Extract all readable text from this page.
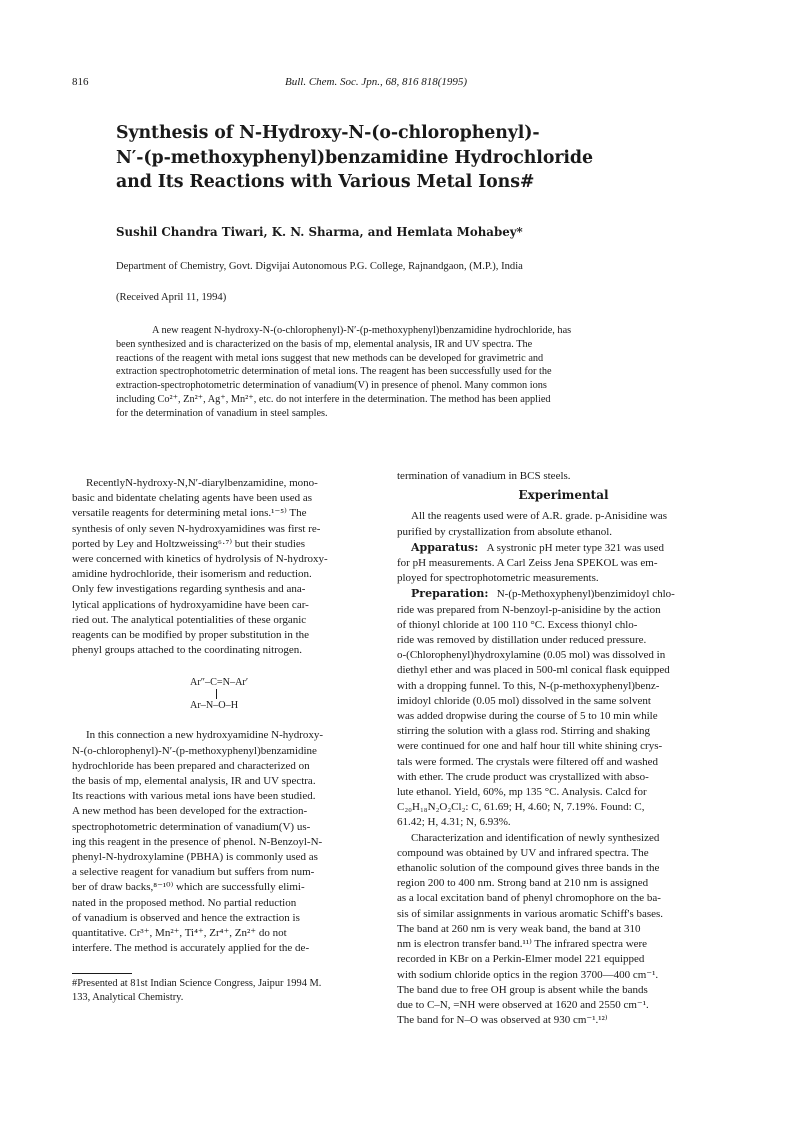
816	Bull. Chem. Soc. Jpn., 68, 816 818(1995)
Synthesis of N-Hydroxy-N-(o-chlorophenyl)-
N′-(p-methoxyphenyl)benzamidine Hydrochloride
and Its Reactions with Various Metal Ions#
Sushil Chandra Tiwari, K. N. Sharma, and Hemlata Mohabey*
Department of Chemistry, Govt. Digvijai Autonomous P.G. College, Rajnandgaon, (M.P.), India
(Received April 11, 1994)
A new reagent N-hydroxy-N-(o-chlorophenyl)-N′-(p-methoxyphenyl)benzamidine hydrochloride, has
been synthesized and is characterized on the basis of mp, elemental analysis, IR and UV spectra. The
reactions of the reagent with metal ions suggest that new methods can be developed for gravimetric and
extraction spectrophotometric determination of metal ions. The reagent has been successfully used for the
extraction-spectrophotometric determination of vanadium(V) in presence of phenol. Many common ions
including Co²⁺, Zn²⁺, Ag⁺, Mn²⁺, etc. do not interfere in the determination. The method has been applied
for the determination of vanadium in steel samples.
RecentlyN-hydroxy-N,N′-diarylbenzamidine, mono-
basic and bidentate chelating agents have been used as
versatile reagents for determining metal ions.¹⁻⁵⁾ The
synthesis of only seven N-hydroxyamidines was first re-
ported by Ley and Holtzweissing⁶·⁷⁾ but their studies
were concerned with kinetics of hydrolysis of N-hydroxy-
amidine hydrochloride, their isomerism and reduction.
Only few investigations regarding synthesis and ana-
lytical applications of hydroxyamidine have been car-
ried out. The analytical potentialities of these organic
reagents can be modified by proper substitution in the
phenyl groups attached to the coordinating nitrogen.
In this connection a new hydroxyamidine N-hydroxy-
N-(o-chlorophenyl)-N′-(p-methoxyphenyl)benzamidine
hydrochloride has been prepared and characterized on
the basis of mp, elemental analysis, IR and UV spectra.
Its reactions with various metal ions have been studied.
A new method has been developed for the extraction-
spectrophotometric determination of vanadium(V) us-
ing this reagent in the presence of phenol. N-Benzoyl-N-
phenyl-N-hydroxylamine (PBHA) is commonly used as
a selective reagent for vanadium but suffers from num-
ber of draw backs,⁸⁻¹⁰⁾ which are successfully elimi-
nated in the proposed method. No partial reduction
of vanadium is observed and hence the extraction is
quantitative. Cr³⁺, Mn²⁺, Ti⁴⁺, Zr⁴⁺, Zn²⁺ do not
interfere. The method is accurately applied for the de-
Ar″–C=N–Ar′
Ar–N–O–H
#Presented at 81st Indian Science Congress, Jaipur 1994 M.
133, Analytical Chemistry.
termination of vanadium in BCS steels.
Experimental
All the reagents used were of A.R. grade. p-Anisidine was
purified by crystallization from absolute ethanol.
Apparatus: A systronic pH meter type 321 was used
for pH measurements. A Carl Zeiss Jena SPEKOL was em-
ployed for spectrophotometric measurements.
Preparation: N-(p-Methoxyphenyl)benzimidoyl chlo-
ride was prepared from N-benzoyl-p-anisidine by the action
of thionyl chloride at 100 110 °C. Excess thionyl chlo-
ride was removed by distillation under reduced pressure.
o-(Chlorophenyl)hydroxylamine (0.05 mol) was dissolved in
diethyl ether and was placed in 500-ml conical flask equipped
with a dropping funnel. To this, N-(p-methoxyphenyl)benz-
imidoyl chloride (0.05 mol) dissolved in the same solvent
was added dropwise during the course of 5 to 10 min while
stirring the solution with a glass rod. Stirring and shaking
were continued for one and half hour till white shining crys-
tals were formed. The crystals were filtered off and washed
with ether. The crude product was crystallized with abso-
lute ethanol. Yield, 60%, mp 135 °C. Analysis. Calcd for
C₂₀H₁₈N₂O₂Cl₂: C, 61.69; H, 4.60; N, 7.19%. Found: C,
61.42; H, 4.31; N, 6.93%.
Characterization and identification of newly synthesized
compound was obtained by UV and infrared spectra. The
ethanolic solution of the compound gives three bands in the
region 200 to 400 nm. Strong band at 210 nm is assigned
as a local excitation band of phenyl chromophore on the ba-
sis of similar assignments in various aromatic Schiff's bases.
The band at 260 nm is very weak band, the band at 310
nm is electron transfer band.¹¹⁾ The infrared spectra were
recorded in KBr on a Perkin-Elmer model 221 equipped
with sodium chloride optics in the region 3700—400 cm⁻¹.
The band due to free OH group is absent while the bands
due to C–N, =NH were observed at 1620 and 2550 cm⁻¹.
The band for N–O was observed at 930 cm⁻¹.¹²⁾
